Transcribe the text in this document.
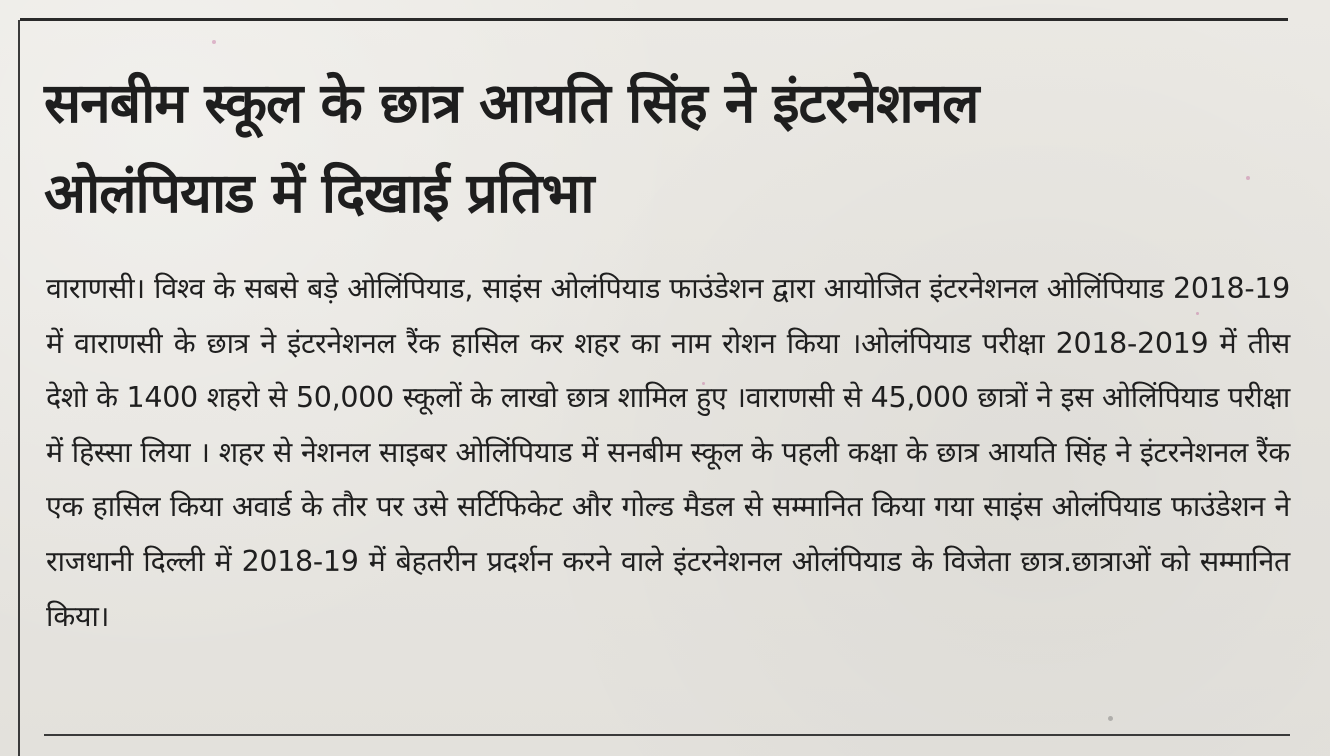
सनबीम स्कूल के छात्र आयति सिंह ने इंटरनेशनल
ओलंपियाड में दिखाई प्रतिभा

वाराणसी। विश्व के सबसे बड़े ओलिंपियाड, साइंस ओलंपियाड फाउंडेशन द्वारा आयोजित इंटरनेशनल ओलिंपियाड 2018-19 में वाराणसी के छात्र ने इंटरनेशनल रैंक हासिल कर शहर का नाम रोशन किया ।ओलंपियाड परीक्षा 2018-2019 में तीस देशो के 1400 शहरो से 50,000 स्कूलों के लाखो छात्र शामिल हुए ।वाराणसी से 45,000 छात्रों ने इस ओलिंपियाड परीक्षा में हिस्सा लिया । शहर से नेशनल साइबर ओलिंपियाड में सनबीम स्कूल के पहली कक्षा के छात्र आयति सिंह ने इंटरनेशनल रैंक एक हासिल किया अवार्ड के तौर पर उसे सर्टिफिकेट और गोल्ड मैडल से सम्मानित किया गया साइंस ओलंपियाड फाउंडेशन ने राजधानी दिल्ली में 2018-19 में बेहतरीन प्रदर्शन करने वाले इंटरनेशनल ओलंपियाड के विजेता छात्र.छात्राओं को सम्मानित किया।
